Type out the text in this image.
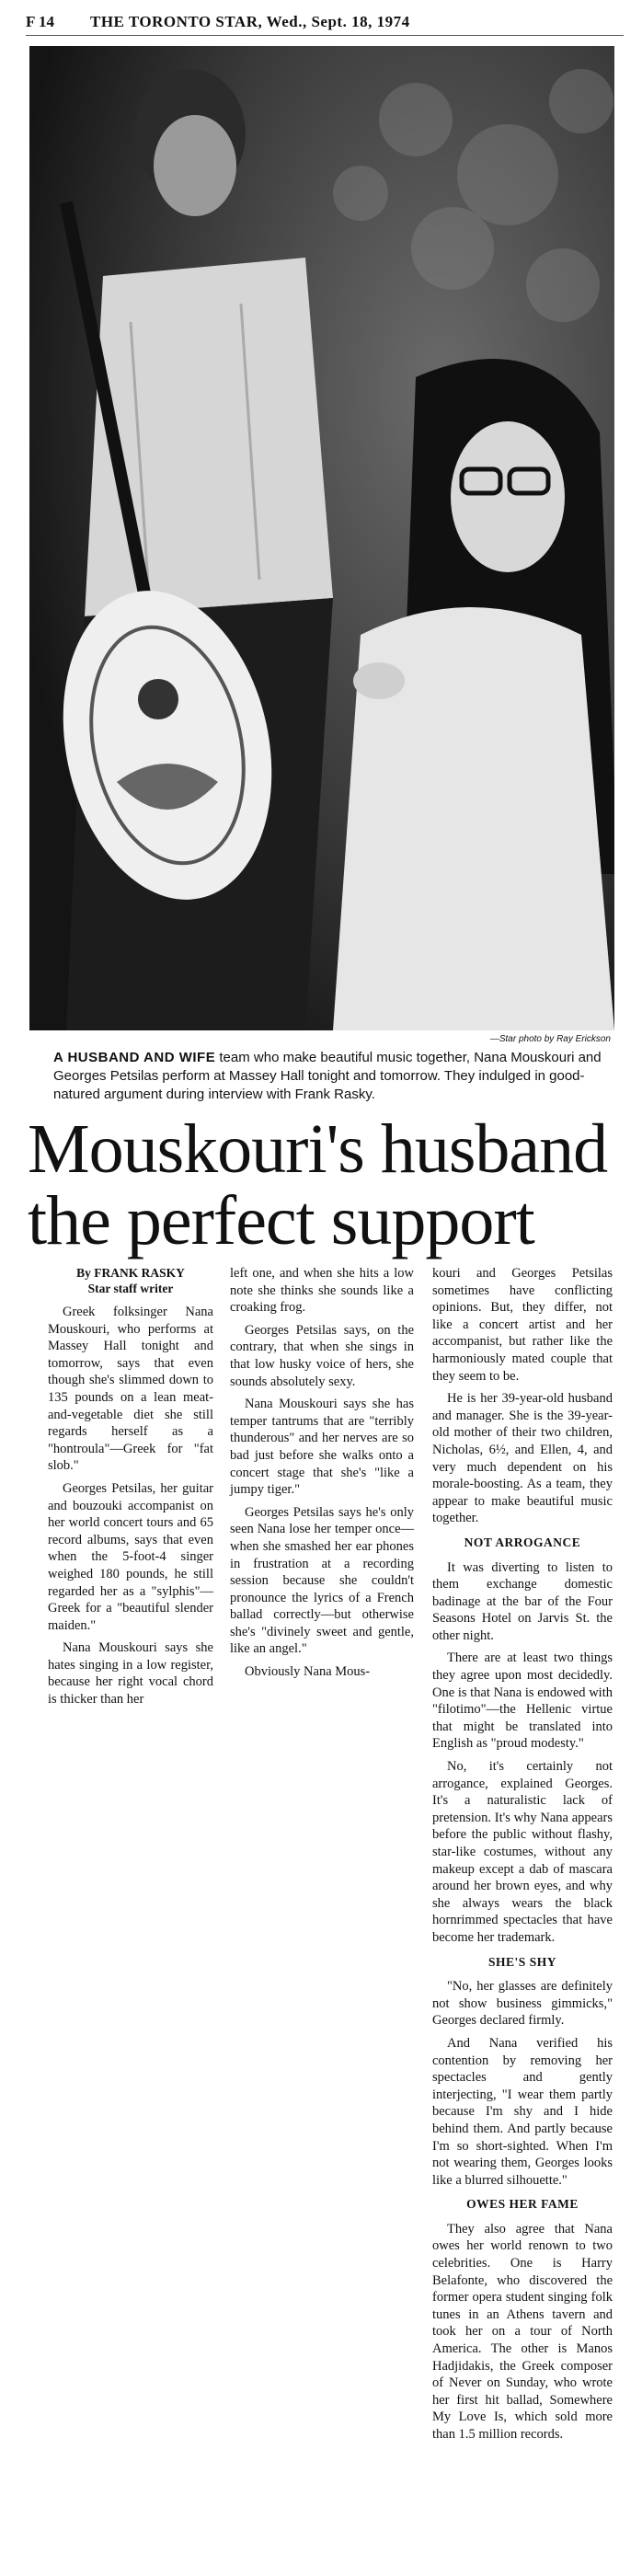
F 14 THE TORONTO STAR, Wed., Sept. 18, 1974
—Star photo by Ray Erickson
A HUSBAND AND WIFE team who make beautiful music together, Nana Mouskouri and Georges Petsilas perform at Massey Hall tonight and tomorrow. They indulged in good-natured argument during interview with Frank Rasky.
Mouskouri's husband
the perfect support
By FRANK RASKY
Star staff writer

Greek folksinger Nana Mouskouri, who performs at Massey Hall tonight and tomorrow, says that even though she's slimmed down to 135 pounds on a lean meat-and-vegetable diet she still regards herself as a "hontroula"—Greek for "fat slob."

Georges Petsilas, her guitar and bouzouki accompanist on her world concert tours and 65 record albums, says that even when the 5-foot-4 singer weighed 180 pounds, he still regarded her as a "sylphis"—Greek for a "beautiful slender maiden."

Nana Mouskouri says she hates singing in a low register, because her right vocal chord is thicker than her

left one, and when she hits a low note she thinks she sounds like a croaking frog.

Georges Petsilas says, on the contrary, that when she sings in that low husky voice of hers, she sounds absolutely sexy.

Nana Mouskouri says she has temper tantrums that are "terribly thunderous" and her nerves are so bad just before she walks onto a concert stage that she's "like a jumpy tiger."

Georges Petsilas says he's only seen Nana lose her temper once—when she smashed her ear phones in frustration at a recording session because she couldn't pronounce the lyrics of a French ballad correctly—but otherwise she's "divinely sweet and gentle, like an angel."

Obviously Nana Mous-

kouri and Georges Petsilas sometimes have conflicting opinions. But, they differ, not like a concert artist and her accompanist, but rather like the harmoniously mated couple that they seem to be.

He is her 39-year-old husband and manager. She is the 39-year-old mother of their two children, Nicholas, 6½, and Ellen, 4, and very much dependent on his morale-boosting. As a team, they appear to make beautiful music together.

NOT ARROGANCE

It was diverting to listen to them exchange domestic badinage at the bar of the Four Seasons Hotel on Jarvis St. the other night.

There are at least two things they agree upon most decidedly. One is that Nana is endowed with "filotimo"—the Hellenic virtue that might be translated into English as "proud modesty."

No, it's certainly not arrogance, explained Georges. It's a naturalistic lack of pretension. It's why Nana appears before the public without flashy, star-like costumes, without any makeup except a dab of mascara around her brown eyes, and why she always wears the black hornrimmed spectacles that have become her trademark.

SHE'S SHY

"No, her glasses are definitely not show business gimmicks," Georges declared firmly.

And Nana verified his contention by removing her spectacles and gently interjecting, "I wear them partly because I'm shy and I hide behind them. And partly because I'm so short-sighted. When I'm not wearing them, Georges looks like a blurred silhouette."

OWES HER FAME

They also agree that Nana owes her world renown to two celebrities. One is Harry Belafonte, who discovered the former opera student singing folk tunes in an Athens tavern and took her on a tour of North America. The other is Manos Hadjidakis, the Greek composer of Never on Sunday, who wrote her first hit ballad, Somewhere My Love Is, which sold more than 1.5 million records.
